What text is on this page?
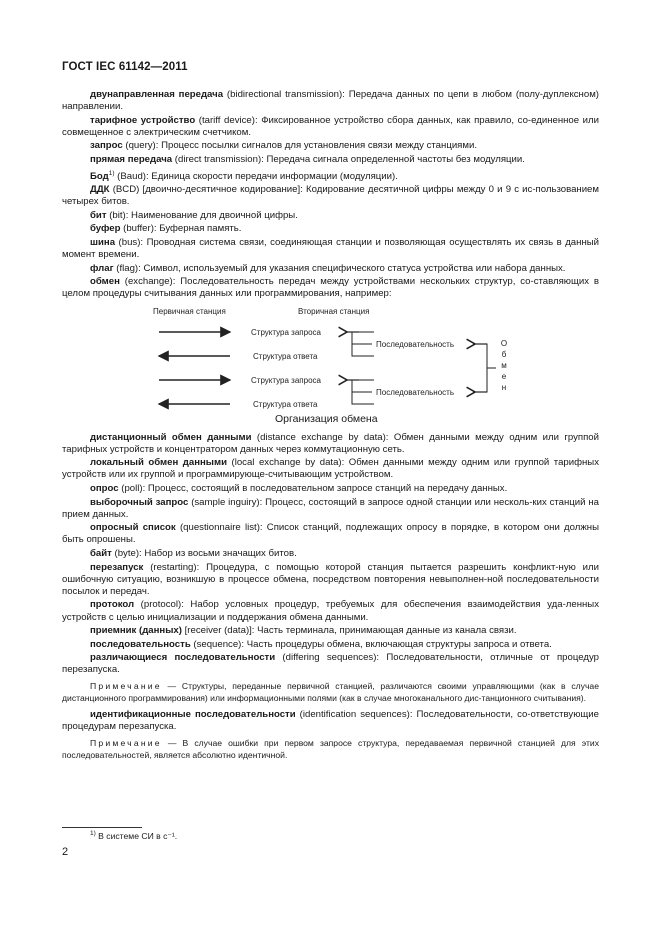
ГОСТ IEC 61142—2011

двунаправленная передача (bidirectional transmission): Передача данных по цепи в любом (полу-дуплексном) направлении.

тарифное устройство (tariff device): Фиксированное устройство сбора данных, как правило, со-единенное или совмещенное с электрическим счетчиком.

запрос (query): Процесс посылки сигналов для установления связи между станциями.

прямая передача (direct transmission): Передача сигнала определенной частоты без модуляции.

Бод$^{1)}$ (Baud): Единица скорости передачи информации (модуляции).

ДДК (BCD) [двоично-десятичное кодирование]: Кодирование десятичной цифры между 0 и 9 с ис-пользованием четырех битов.

бит (bit): Наименование для двоичной цифры.

буфер (buffer): Буферная память.

шина (bus): Проводная система связи, соединяющая станции и позволяющая осуществлять их связь в данный момент времени.

флаг (flag): Символ, используемый для указания специфического статуса устройства или набора данных.

обмен (exchange): Последовательность передач между устройствами нескольких структур, со-ставляющих в целом процедуры считывания данных или программирования, например:

Первичная станция	Вторичная станция
Структура запроса
Структура ответа
Структура запроса
Структура ответа
Последовательность
Последовательность
О
б
м
е
н
Организация обмена

дистанционный обмен данными (distance exchange by data): Обмен данными между одним или группой тарифных устройств и концентратором данных через коммутационную сеть.

локальный обмен данными (local exchange by data): Обмен данными между одним или группой тарифных устройств или их группой и программирующе-считывающим устройством.

опрос (poll): Процесс, состоящий в последовательном запросе станций на передачу данных.

выборочный запрос (sample inguiry): Процесс, состоящий в запросе одной станции или несколь-ких станций на прием данных.

опросный список (questionnaire list): Список станций, подлежащих опросу в порядке, в котором они должны быть опрошены.

байт (byte): Набор из восьми значащих битов.

перезапуск (restarting): Процедура, с помощью которой станция пытается разрешить конфликт-ную или ошибочную ситуацию, возникшую в процессе обмена, посредством повторения невыполнен-ной последовательности посылок и передач.

протокол (protocol): Набор условных процедур, требуемых для обеспечения взаимодействия уда-ленных устройств с целью инициализации и поддержания обмена данными.

приемник (данных) [receiver (data)]: Часть терминала, принимающая данные из канала связи.

последовательность (sequence): Часть процедуры обмена, включающая структуры запроса и ответа.

различающиеся последовательности (differing sequences): Последовательности, отличные от процедур перезапуска.

Примечание — Структуры, переданные первичной станцией, различаются своими управляющими (как в случае дистанционного программирования) или информационными полями (как в случае многоканального дис-танционного считывания).

идентификационные последовательности (identification sequences): Последовательности, со-ответствующие процедурам перезапуска.

Примечание — В случае ошибки при первом запросе структура, передаваемая первичной станцией для этих последовательностей, является абсолютно идентичной.

$^{1)}$ В системе СИ в с⁻¹.
2
